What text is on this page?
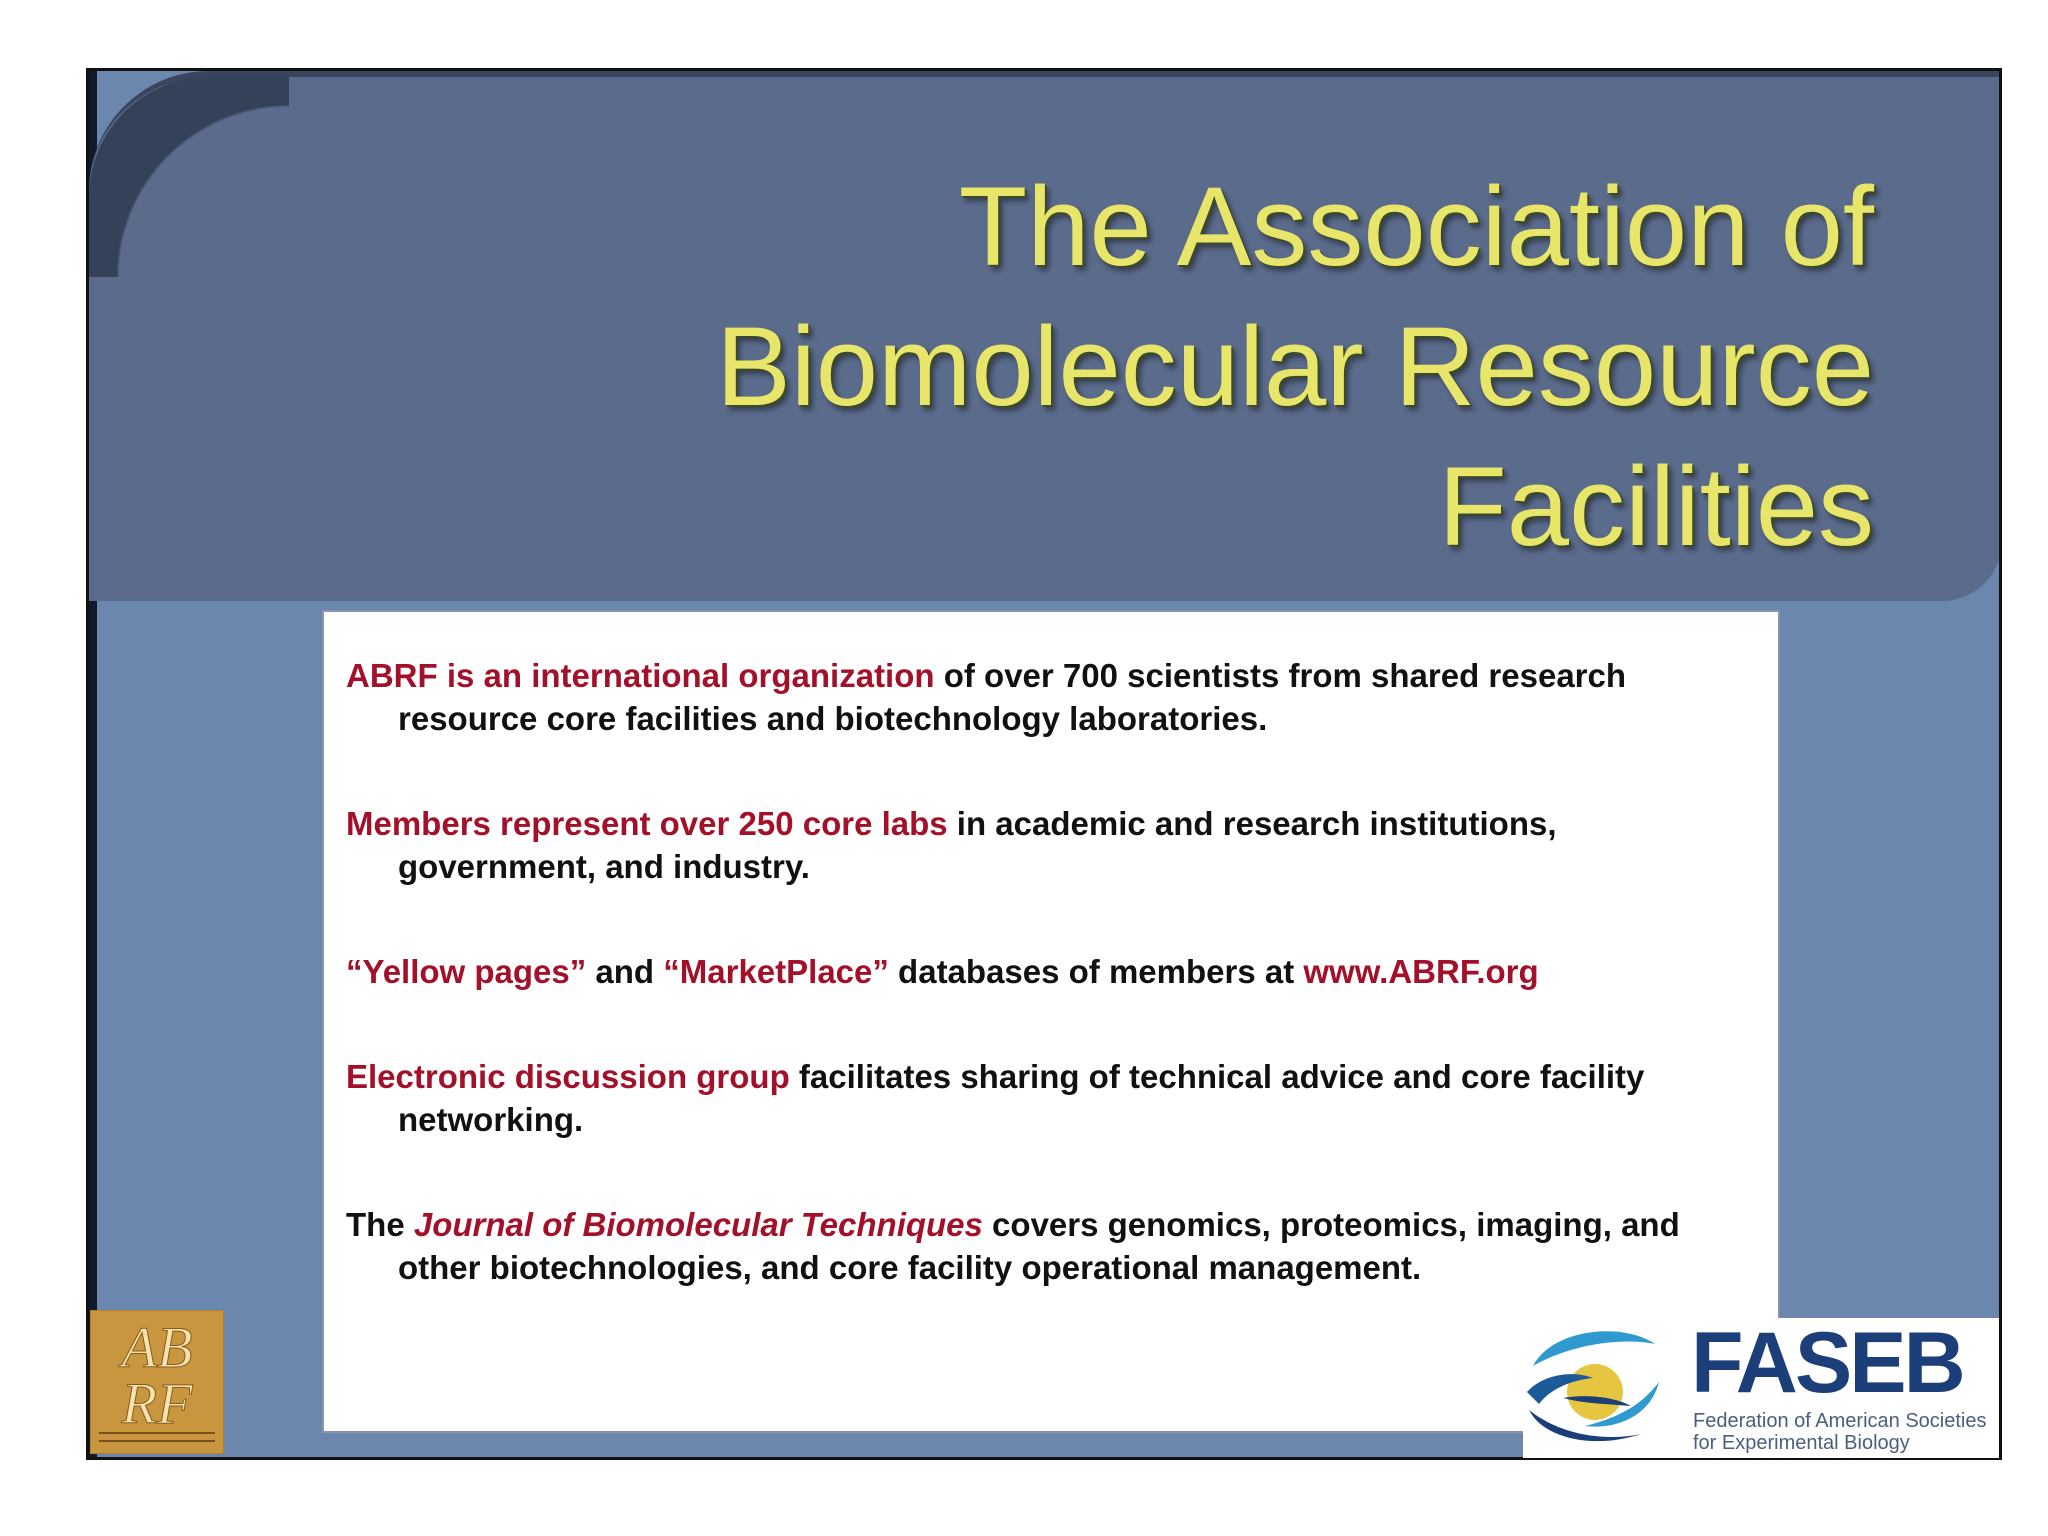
The Association of
Biomolecular Resource
Facilities
ABRF is an international organization of over 700 scientists from shared research resource core facilities and biotechnology laboratories.
Members represent over 250 core labs in academic and research institutions, government, and industry.
“Yellow pages” and “MarketPlace” databases of members at www.ABRF.org
Electronic discussion group facilitates sharing of technical advice and core facility networking.
The Journal of Biomolecular Techniques covers genomics, proteomics, imaging, and other biotechnologies, and core facility operational management.
AB
RF	FASEB
Federation of American Societies
for Experimental Biology
